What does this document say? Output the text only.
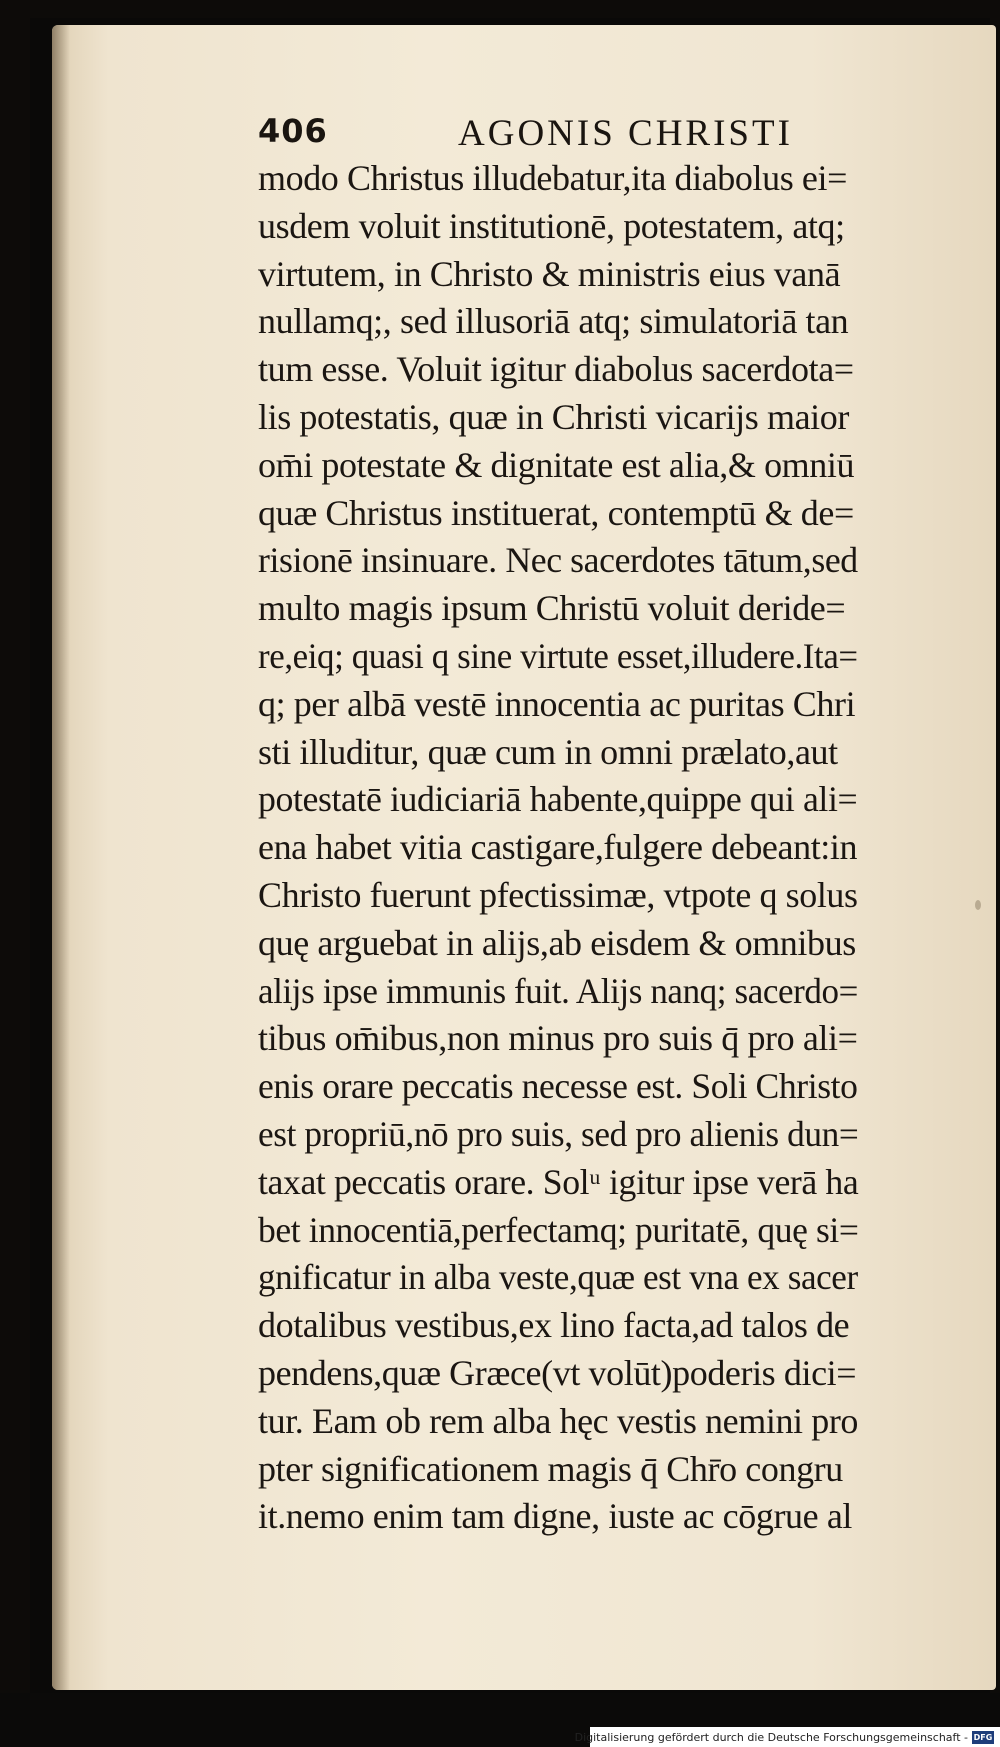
406	AGONIS CHRISTI
modo Christus illudebatur,ita diabolus ei=
usdem voluit institutionē, potestatem, atq;
virtutem, in Christo & ministris eius vanā
nullamq;, sed illusoriā atq; simulatoriā tan
tum esse. Voluit igitur diabolus sacerdota=
lis potestatis, quæ in Christi vicarijs maior
om̄i potestate & dignitate est alia,& omniū
quæ Christus instituerat, contemptū & de=
risionē insinuare. Nec sacerdotes tātum,sed
multo magis ipsum Christū voluit deride=
re,eiq; quasi q sine virtute esset,illudere.Ita=
q; per albā vestē innocentia ac puritas Chri
sti illuditur, quæ cum in omni prælato,aut
potestatē iudiciariā habente,quippe qui ali=
ena habet vitia castigare,fulgere debeant:in
Christo fuerunt pfectissimæ, vtpote q solus
quę arguebat in alijs,ab eisdem & omnibus
alijs ipse immunis fuit. Alijs nanq; sacerdo=
tibus om̄ibus,non minus pro suis q̄ pro ali=
enis orare peccatis necesse est. Soli Christo
est propriū,nō pro suis, sed pro alienis dun=
taxat peccatis orare. Solᵘ igitur ipse verā ha
bet innocentiā,perfectamq; puritatē, quę si=
gnificatur in alba veste,quæ est vna ex sacer
dotalibus vestibus,ex lino facta,ad talos de
pendens,quæ Græce(vt volūt)poderis dici=
tur. Eam ob rem alba hęc vestis nemini pro
pter significationem magis q̄ Chr̄o congru
it.nemo enim tam digne, iuste ac cōgrue al
Digitalisierung gefördert durch die Deutsche Forschungsgemeinschaft - DFG
